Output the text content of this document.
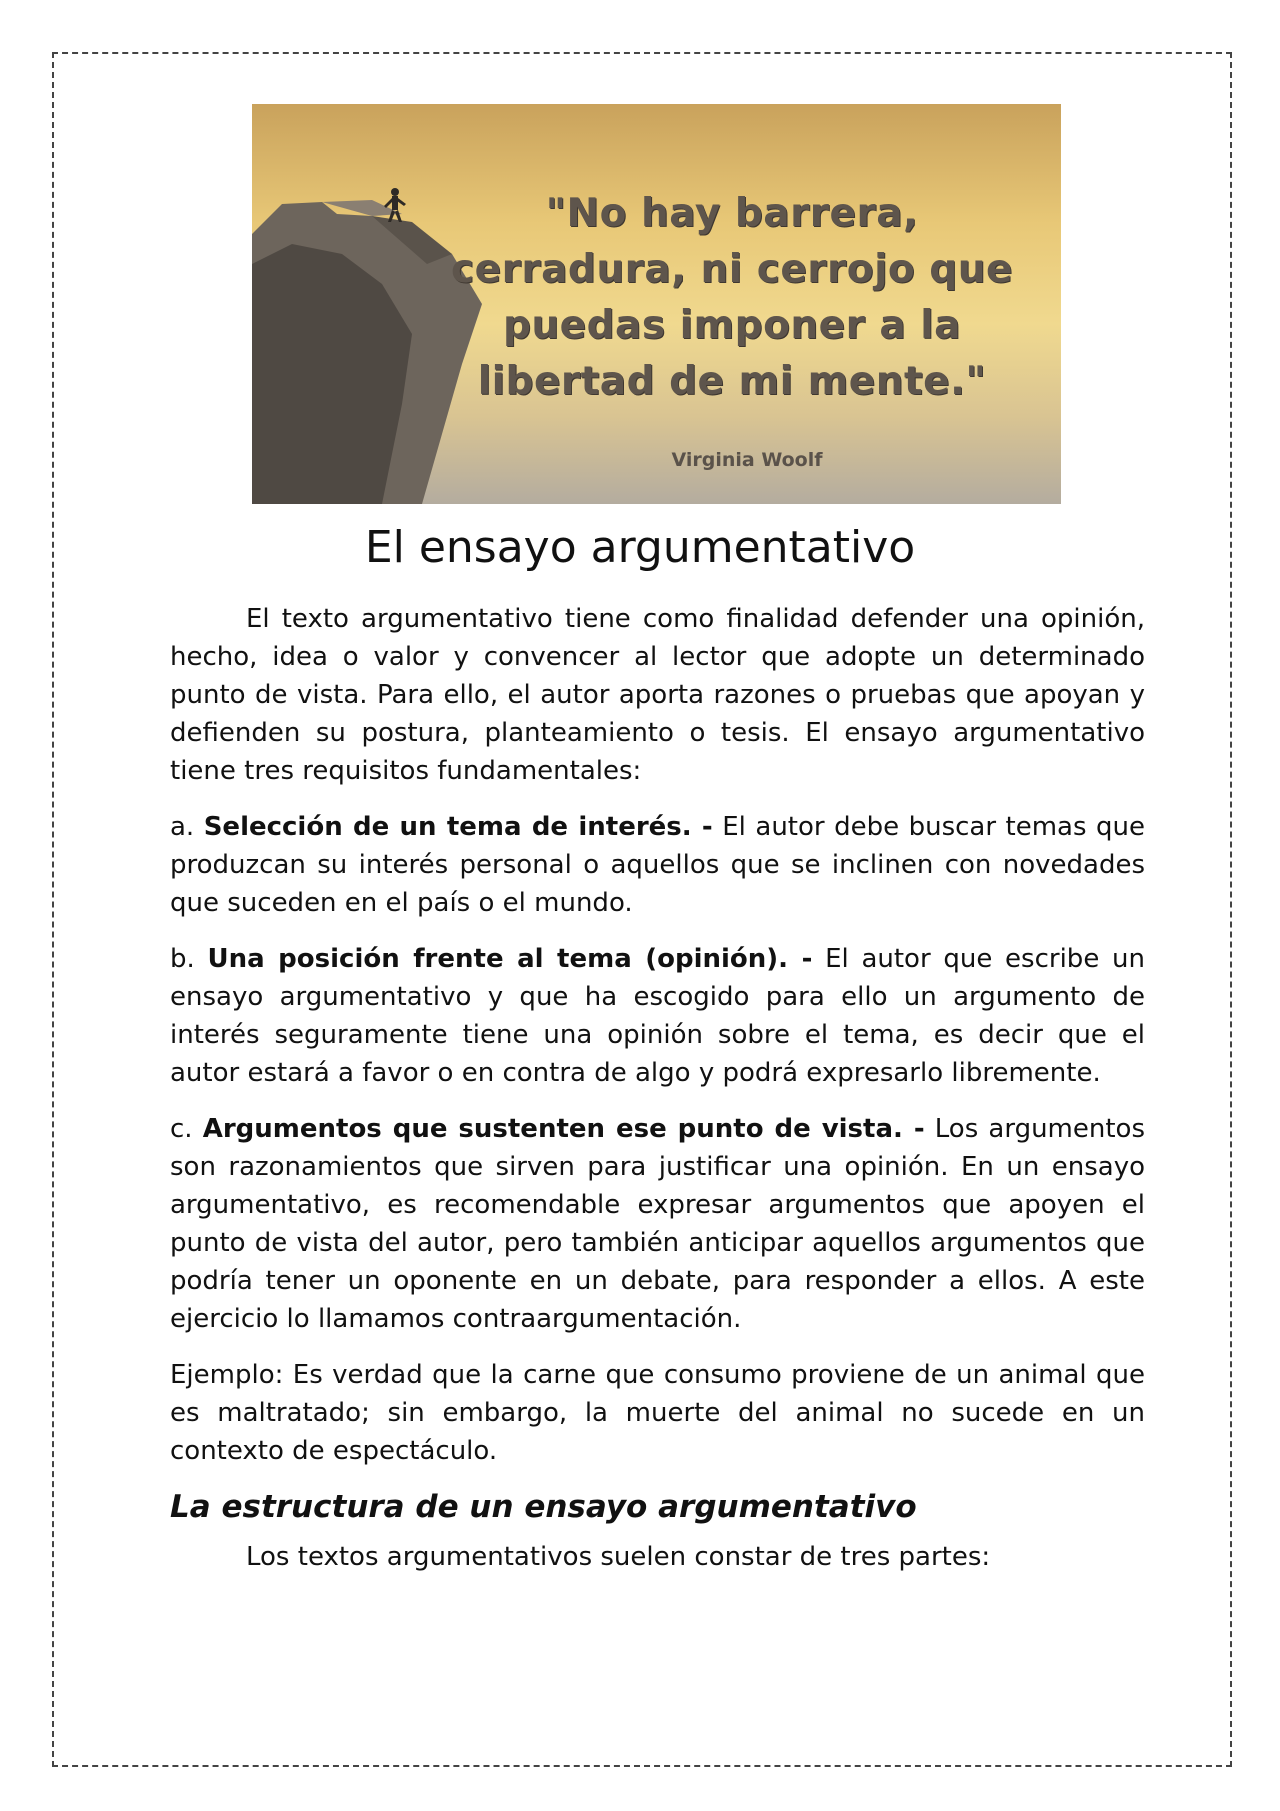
"No hay barrera, cerradura, ni cerrojo que puedas imponer a la libertad de mi mente."
Virginia Woolf
El ensayo argumentativo

El texto argumentativo tiene como finalidad defender una opinión, hecho, idea o valor y convencer al lector que adopte un determinado punto de vista. Para ello, el autor aporta razones o pruebas que apoyan y defienden su postura, planteamiento o tesis. El ensayo argumentativo tiene tres requisitos fundamentales:

a. Selección de un tema de interés. - El autor debe buscar temas que produzcan su interés personal o aquellos que se inclinen con novedades que suceden en el país o el mundo.

b. Una posición frente al tema (opinión). - El autor que escribe un ensayo argumentativo y que ha escogido para ello un argumento de interés seguramente tiene una opinión sobre el tema, es decir que el autor estará a favor o en contra de algo y podrá expresarlo libremente.

c. Argumentos que sustenten ese punto de vista. - Los argumentos son razonamientos que sirven para justificar una opinión. En un ensayo argumentativo, es recomendable expresar argumentos que apoyen el punto de vista del autor, pero también anticipar aquellos argumentos que podría tener un oponente en un debate, para responder a ellos. A este ejercicio lo llamamos contraargumentación.

Ejemplo: Es verdad que la carne que consumo proviene de un animal que es maltratado; sin embargo, la muerte del animal no sucede en un contexto de espectáculo.

La estructura de un ensayo argumentativo

Los textos argumentativos suelen constar de tres partes:
